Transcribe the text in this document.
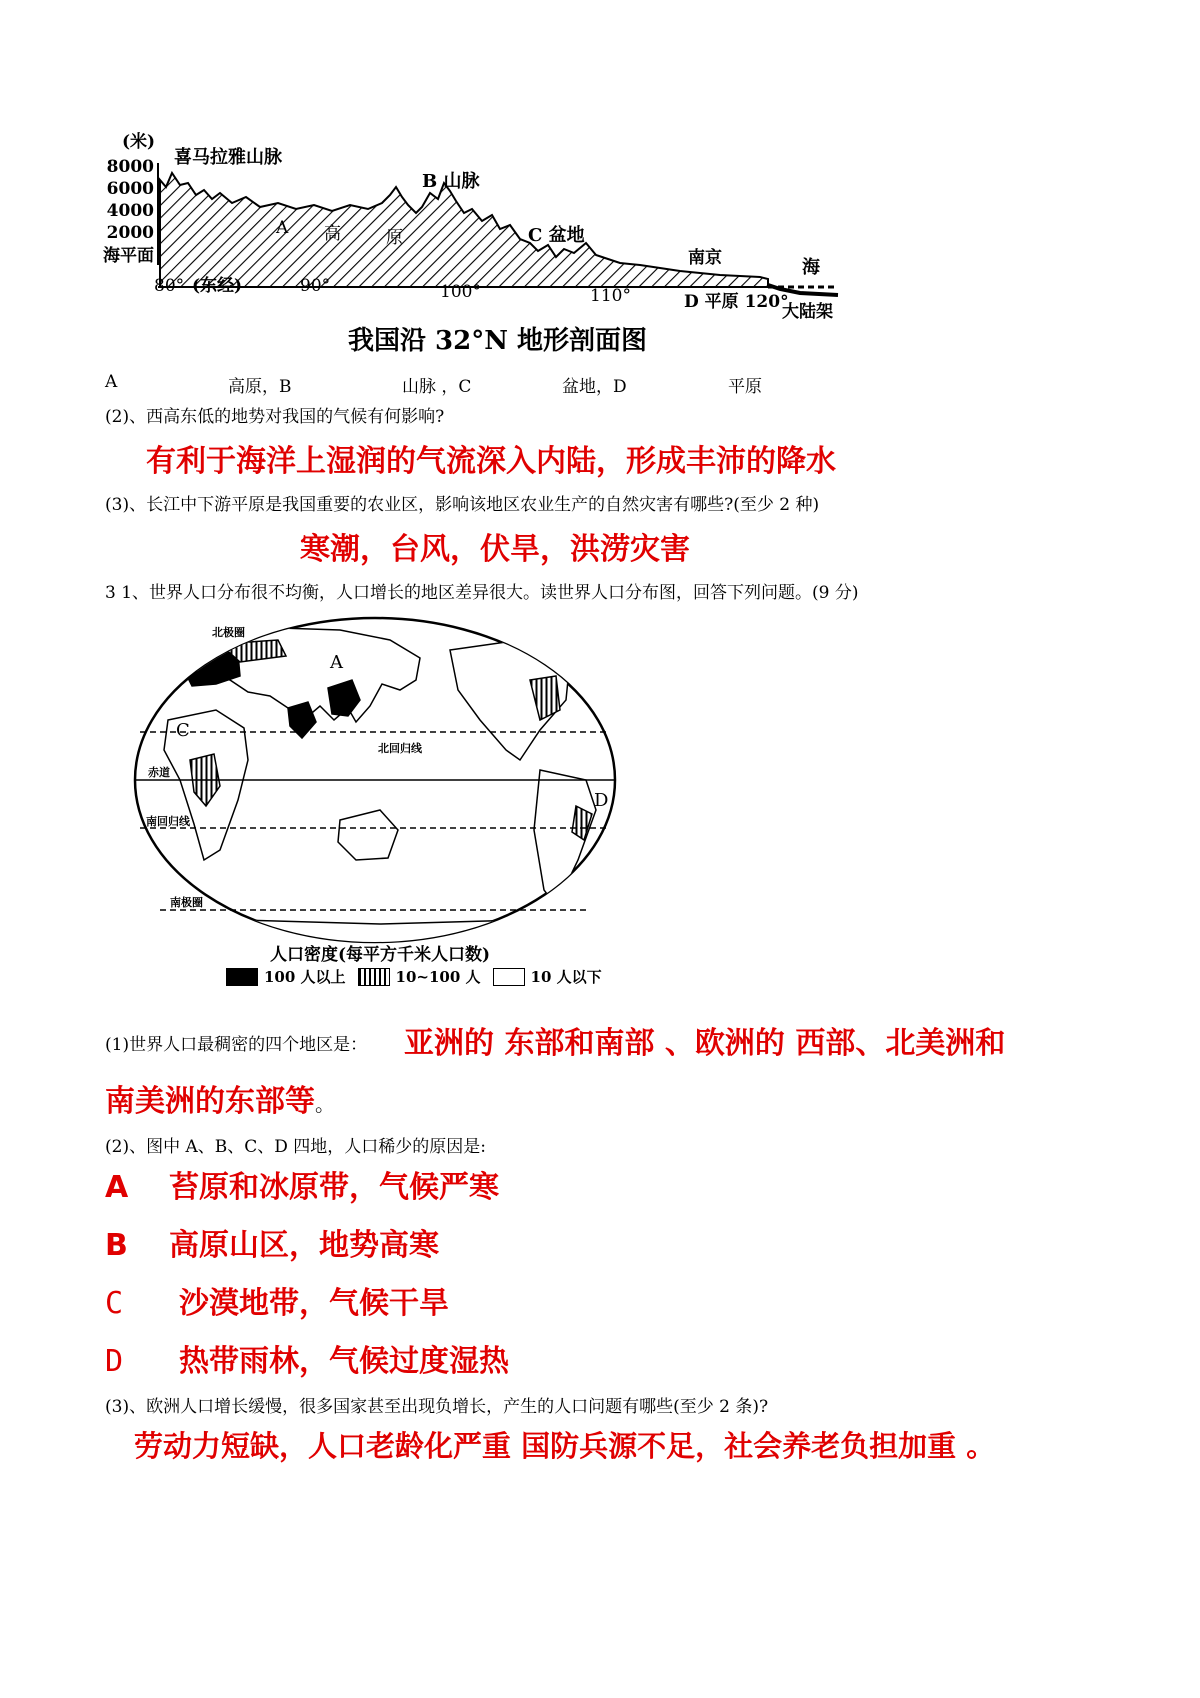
(米)
8000
6000
4000
2000
海平面
喜马拉雅山脉
B 山脉
A 高	原	C 盆地
南京
D 平原 120°
海
大陆架
80° (东经)	90°	100°	110°
我国沿 32°N 地形剖面图
A	高原，B	山脉 ，C	盆地，D	平原
(2)、西高东低的地势对我国的气候有何影响?
有利于海洋上湿润的气流深入内陆，形成丰沛的降水
(3)、长江中下游平原是我国重要的农业区，影响该地区农业生产的自然灾害有哪些?(至少 2 种)
寒潮，台风，伏旱，洪涝灾害
3 1、世界人口分布很不均衡，人口增长的地区差异很大。读世界人口分布图，回答下列问题。(9 分)
北极圈
北回归线
赤道
南回归线
南极圈
A
B
C
D
人口密度(每平方千米人口数)
100 人以上	10~100 人	10 人以下
(1)世界人口最稠密的四个地区是： 亚洲的 东部和南部 、欧洲的 西部、北美洲和
南美洲的东部等。
(2)、图中 A、B、C、D 四地，人口稀少的原因是:
A 苔原和冰原带，气候严寒
B 高原山区，地势高寒
C 沙漠地带，气候干旱
D 热带雨林，气候过度湿热
(3)、欧洲人口增长缓慢，很多国家甚至出现负增长，产生的人口问题有哪些(至少 2 条)?
劳动力短缺，人口老龄化严重 国防兵源不足，社会养老负担加重 。
